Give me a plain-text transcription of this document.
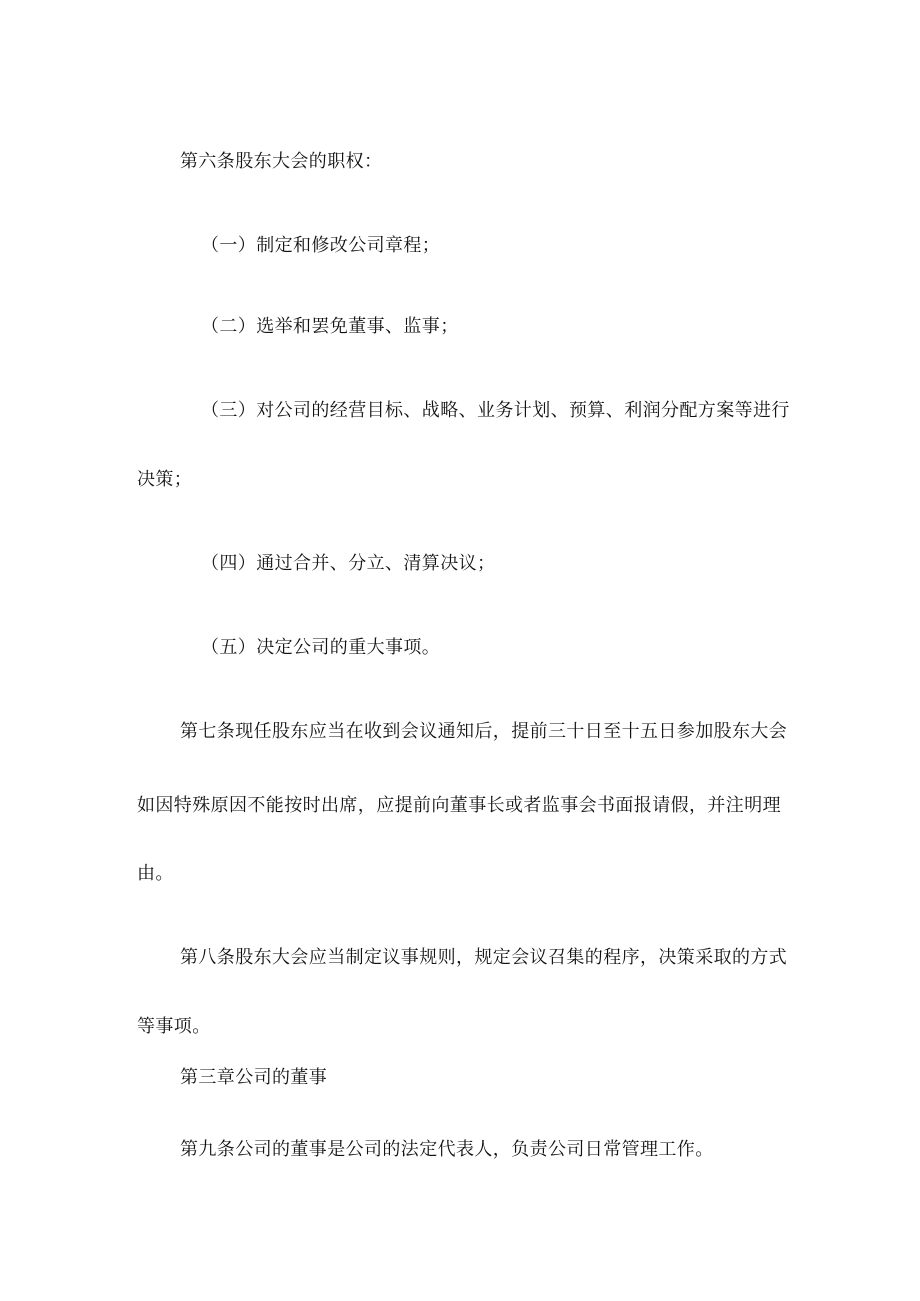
第六条股东大会的职权：
（一）制定和修改公司章程；
（二）选举和罢免董事、监事；
（三）对公司的经营目标、战略、业务计划、预算、利润分配方案等进行
决策；
（四）通过合并、分立、清算决议；
（五）决定公司的重大事项。
第七条现任股东应当在收到会议通知后，提前三十日至十五日参加股东大会
如因特殊原因不能按时出席，应提前向董事长或者监事会书面报请假，并注明理
由。
第八条股东大会应当制定议事规则，规定会议召集的程序，决策采取的方式
等事项。
第三章公司的董事
第九条公司的董事是公司的法定代表人，负责公司日常管理工作。
